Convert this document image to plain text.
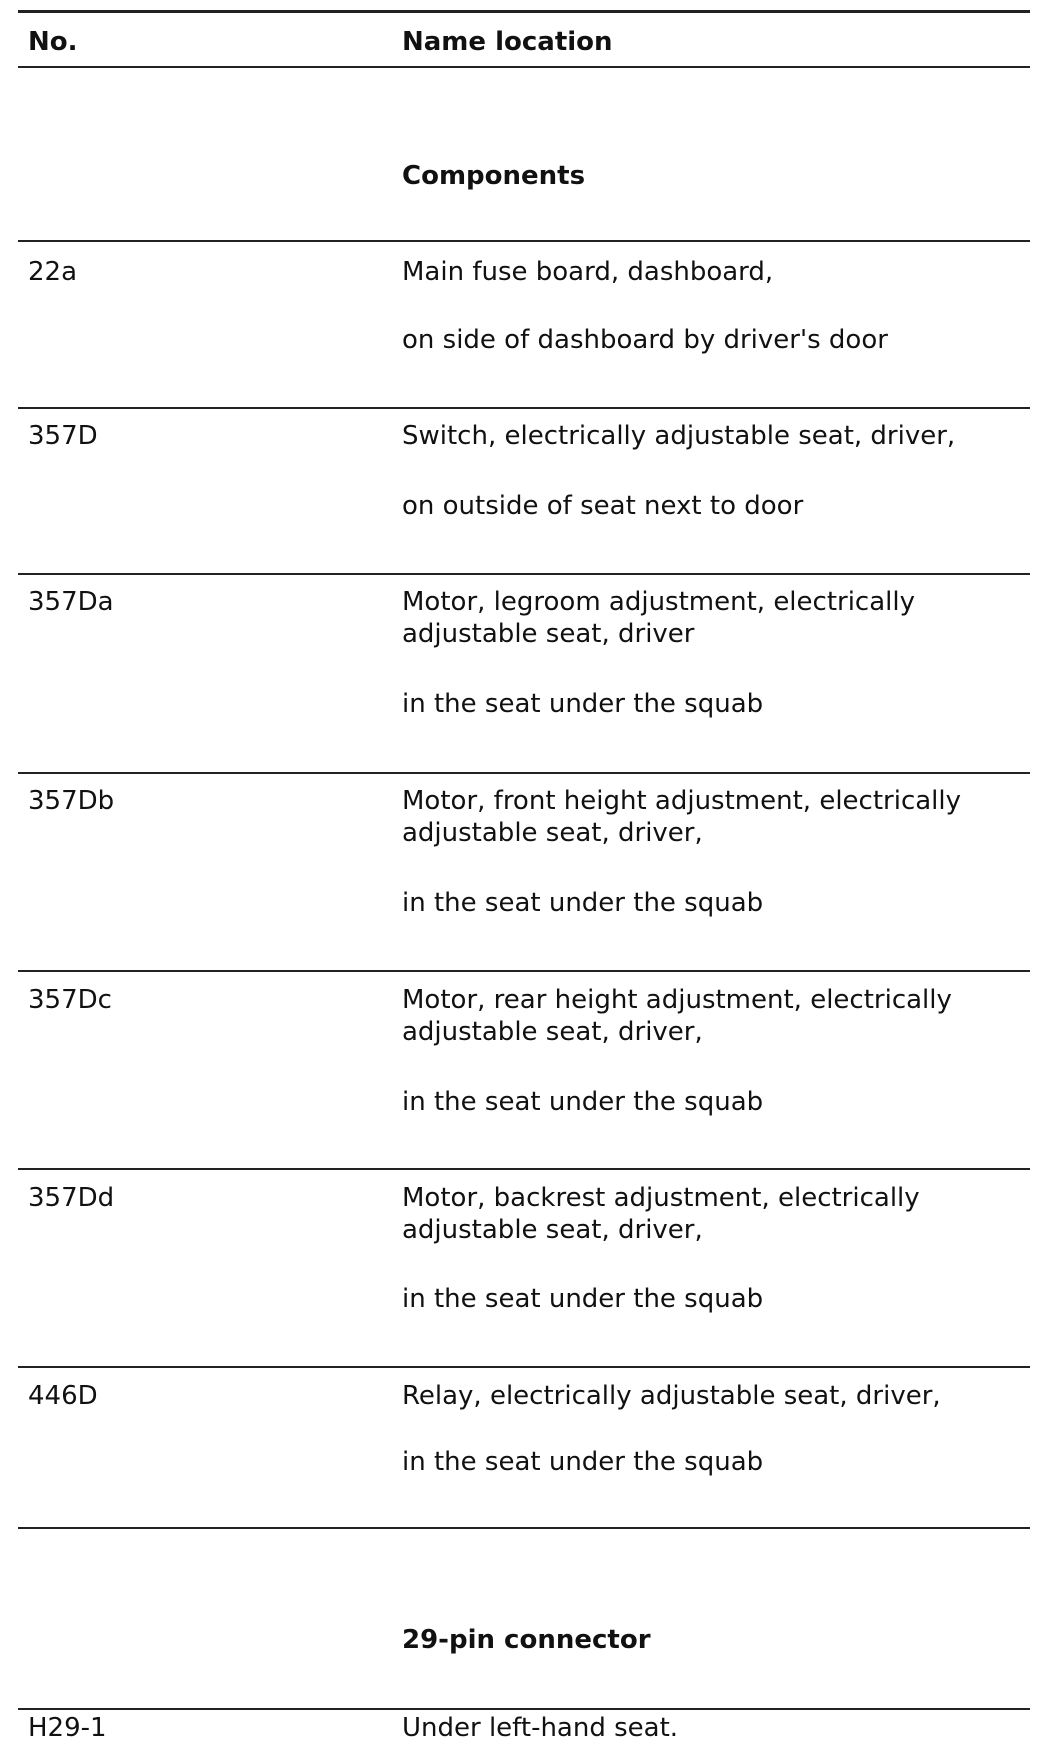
No.	Name location
Components
22a	Main fuse board, dashboard,
on side of dashboard by driver's door
357D	Switch, electrically adjustable seat, driver,
on outside of seat next to door
357Da	Motor, legroom adjustment, electrically
adjustable seat, driver
in the seat under the squab
357Db	Motor, front height adjustment, electrically
adjustable seat, driver,
in the seat under the squab
357Dc	Motor, rear height adjustment, electrically
adjustable seat, driver,
in the seat under the squab
357Dd	Motor, backrest adjustment, electrically
adjustable seat, driver,
in the seat under the squab
446D	Relay, electrically adjustable seat, driver,
in the seat under the squab
29-pin connector
H29-1	Under left-hand seat.
